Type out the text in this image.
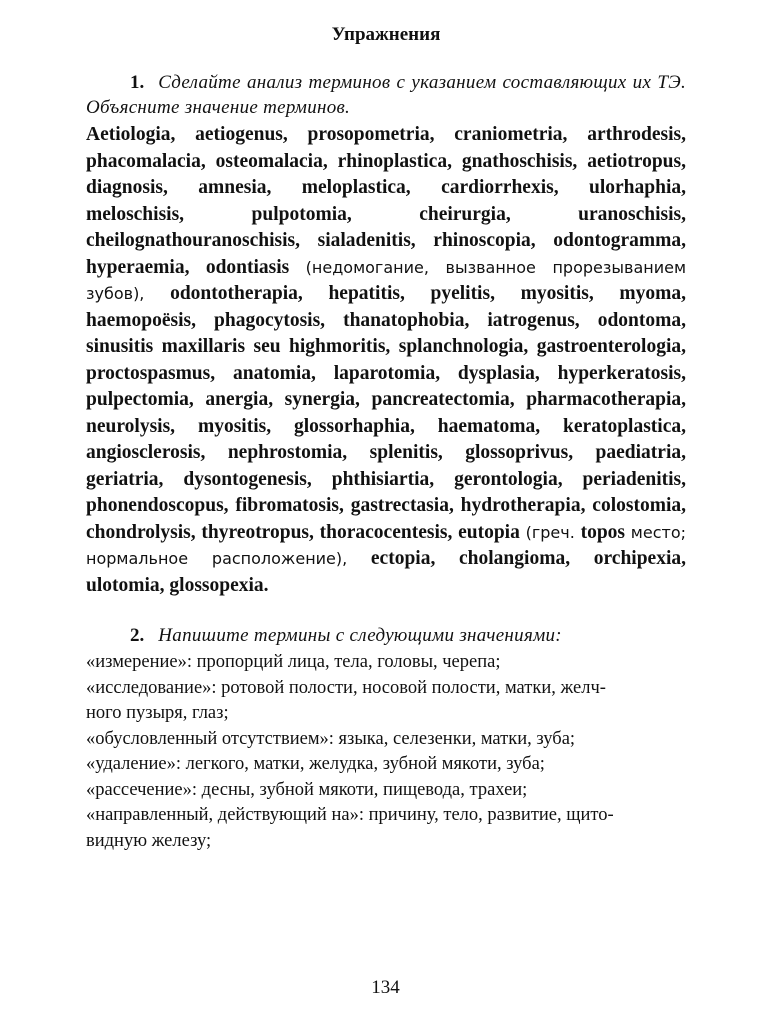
Упражнения

1. Сделайте анализ терминов с указанием составляющих их ТЭ. Объясните значение терминов.

Aetiologia, aetiogenus, prosopometria, craniometria, arthrodesis, phacomalacia, osteomalacia, rhinoplastica, gnathoschisis, aetiotropus, diagnosis, amnesia, meloplastica, cardiorrhexis, ulorhaphia, meloschisis, pulpotomia, cheirurgia, uranoschisis, cheilognathouranoschisis, sialadenitis, rhinoscopia, odontogramma, hyperaemia, odontiasis (недомогание, вызванное прорезыванием зубов), odontotherapia, hepatitis, pyelitis, myositis, myoma, haemopoësis, phagocytosis, thanatophobia, iatrogenus, odontoma, sinusitis maxillaris seu highmoritis, splanchnologia, gastroenterologia, proctospasmus, anatomia, laparotomia, dysplasia, hyperkeratosis, pulpectomia, anergia, synergia, pancreatectomia, pharmacotherapia, neurolysis, myositis, glossorhaphia, haematoma, keratoplastica, angiosclerosis, nephrostomia, splenitis, glossoprivus, paediatria, geriatria, dysontogenesis, phthisiartia, gerontologia, periadenitis, phonendoscopus, fibromatosis, gastrectasia, hydrotherapia, colostomia, chondrolysis, thyreotropus, thoracocentesis, eutopia (греч. topos место; нормальное расположение), ectopia, cholangioma, orchipexia, ulotomia, glossopexia.

2. Напишите термины с следующими значениями:

«измерение»: пропорций лица, тела, головы, черепа;
«исследование»: ротовой полости, носовой полости, матки, желч-
ного пузыря, глаз;
«обусловленный отсутствием»: языка, селезенки, матки, зуба;
«удаление»: легкого, матки, желудка, зубной мякоти, зуба;
«рассечение»: десны, зубной мякоти, пищевода, трахеи;
«направленный, действующий на»: причину, тело, развитие, щито-
видную железу;
134
